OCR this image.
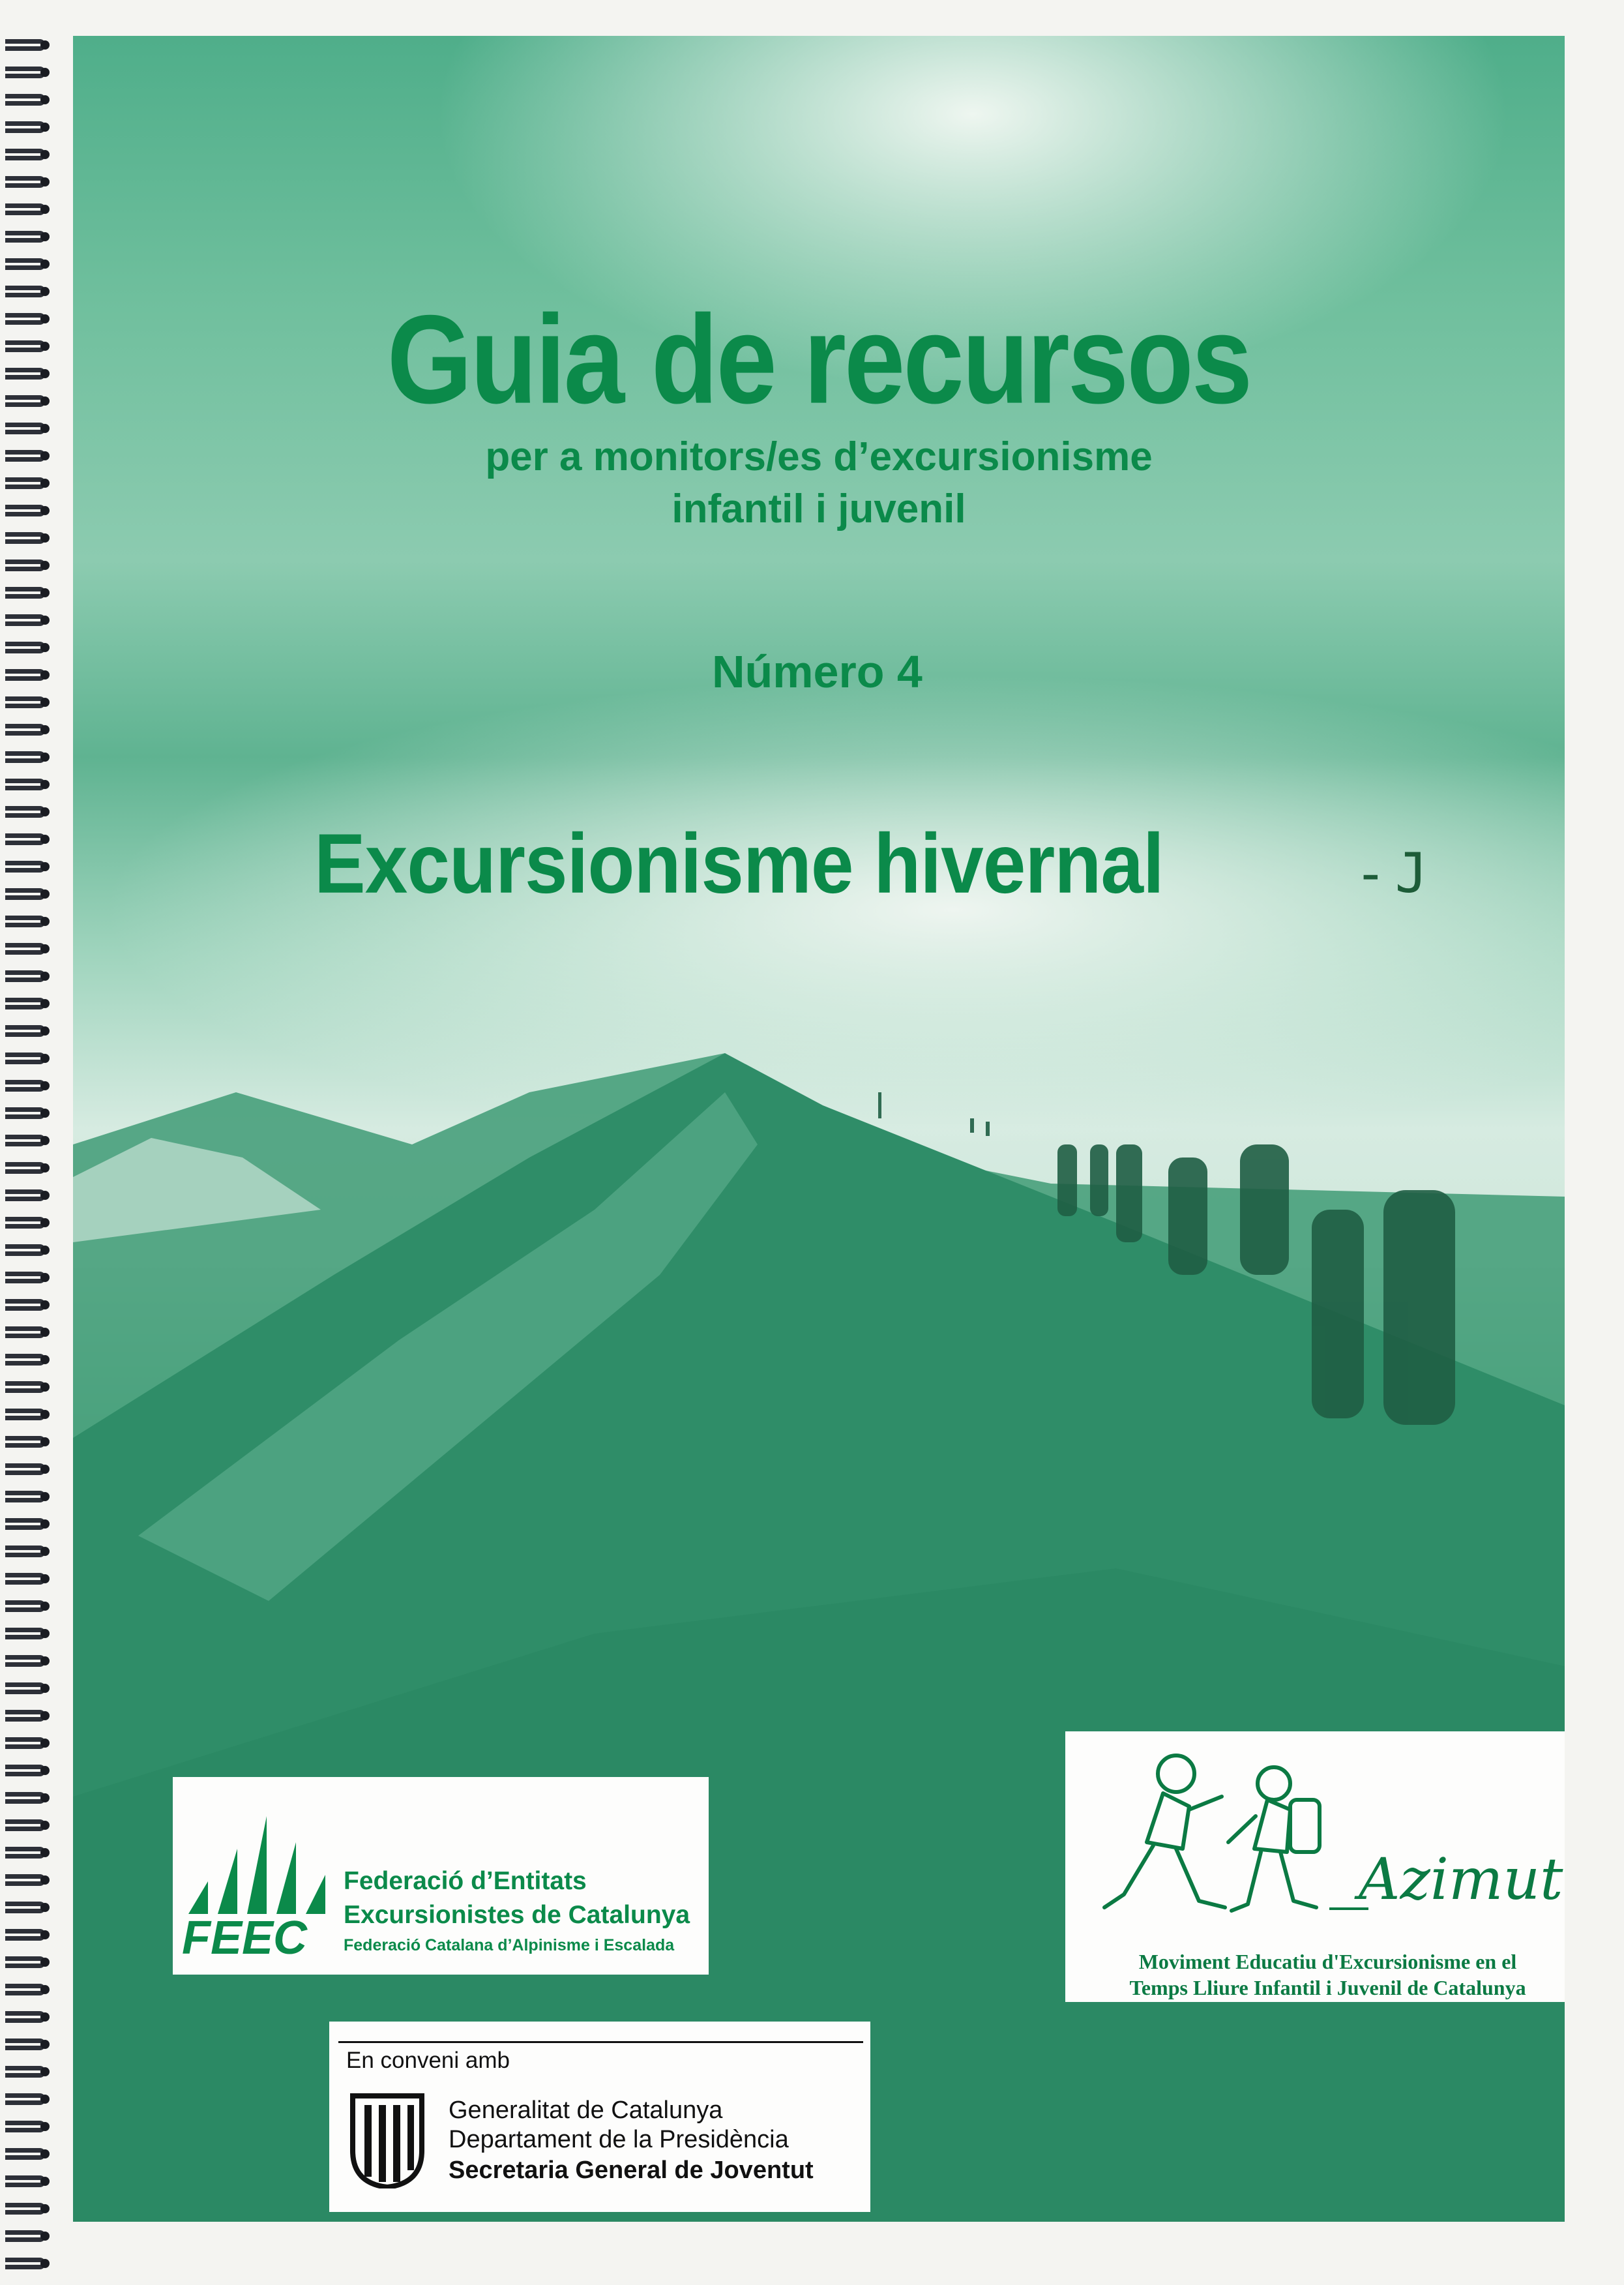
Guia de recursos
per a monitors/es d’excursionisme
infantil i juvenil
Número 4
Excursionisme hivernal	-J
FEEC
Federació d’Entitats
Excursionistes de Catalunya
Federació Catalana d’Alpinisme i Escalada
Azimut
Moviment Educatiu d'Excursionisme en el
Temps Lliure Infantil i Juvenil de Catalunya
En conveni amb
Generalitat de Catalunya
Departament de la Presidència
Secretaria General de Joventut
